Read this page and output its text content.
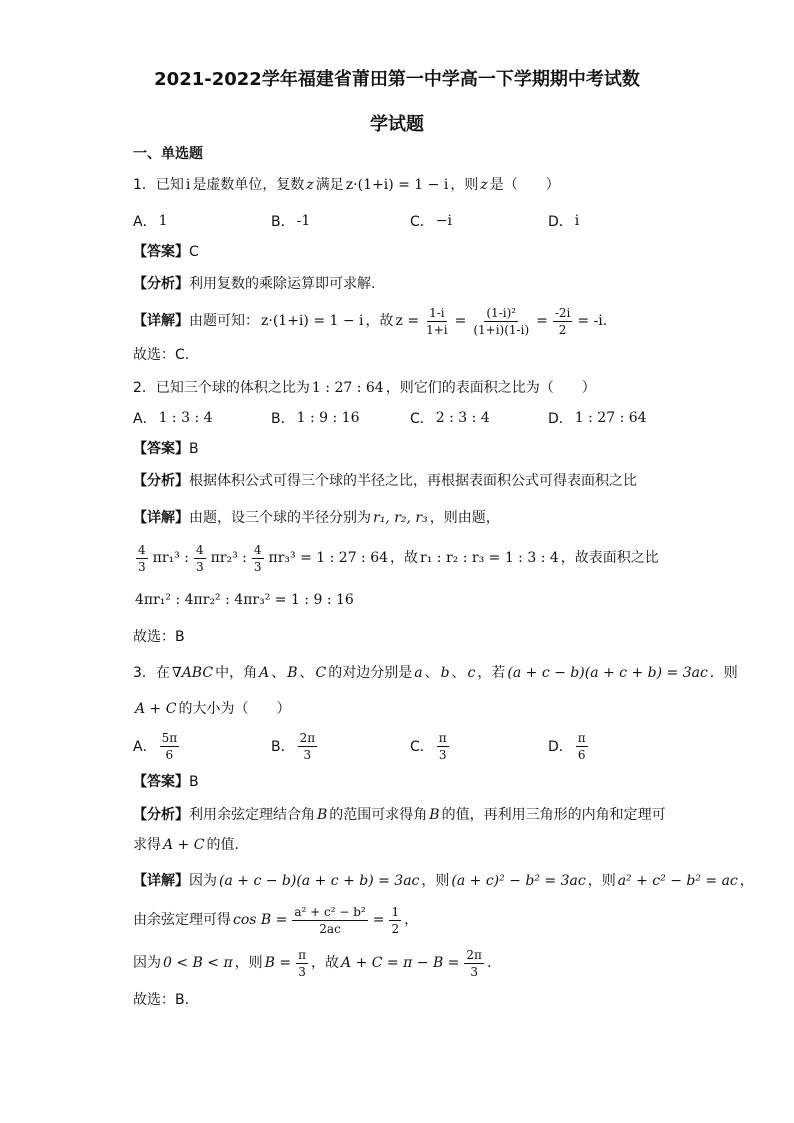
2021-2022学年福建省莆田第一中学高一下学期期中考试数
学试题
一、单选题
1．已知 i 是虚数单位，复数 z 满足 z·(1+i) = 1 − i ，则 z 是（　　）
A． 1	B． -1	C． −i	D． i
【答案】 C
【分析】 利用复数的乘除运算即可求解.
【详解】 由题可知： z·(1+i) = 1 − i ，故 $z = \frac{1-i}{1+i} = \frac{\text{(1-i)²}}{(1+i)(1-i)} = \frac{-2i}{2} = -i$.
故选：C.
2．已知三个球的体积之比为 1 : 27 : 64 ，则它们的表面积之比为（　　）
A． 1 : 3 : 4	B． 1 : 9 : 16	C． 2 : 3 : 4	D． 1 : 27 : 64
【答案】 B
【分析】 根据体积公式可得三个球的半径之比，再根据表面积公式可得表面积之比
【详解】 由题，设三个球的半径分别为 r₁, r₂, r₃ ，则由题，
$\frac{4}{3} \pi r_1^3$ : $\frac{4}{3} \pi r_2^3$ : $\frac{4}{3} \pi r_3^3 = 1$ : 27 : 64 ，故 r₁ : r₂ : r₃ = 1 : 3 : 4 ，故表面积之比
4πr₁² : 4πr₂² : 4πr₃² = 1 : 9 : 16
故选：B
3．在 ∇ABC 中，角 A 、 B 、 C 的对边分别是 a 、 b 、 c ，若 (a + c − b)(a + c + b) = 3ac ．则
A + C 的大小为（　　）
A． $\frac{5\pi}{6}$	B． $\frac{2\pi}{3}$	C． $\frac{\pi}{3}$	D． $\frac{\pi}{6}$
【答案】 B
【分析】 利用余弦定理结合角 B 的范围可求得角 B 的值，再利用三角形的内角和定理可
求得 A + C 的值.
【详解】 因为 (a + c − b)(a + c + b) = 3ac ，则 (a + c)² − b² = 3ac ，则 a² + c² − b² = ac ，
由余弦定理可得 $\cos B = \frac{\text{a² + c² − b²}}{2ac} = \frac{1}{2}$ ，
因为 0 < B < π ，则 $B = \frac{\pi}{3}$ ，故 $A + C = \pi - B = \frac{2\pi}{3}$ .
故选：B.
